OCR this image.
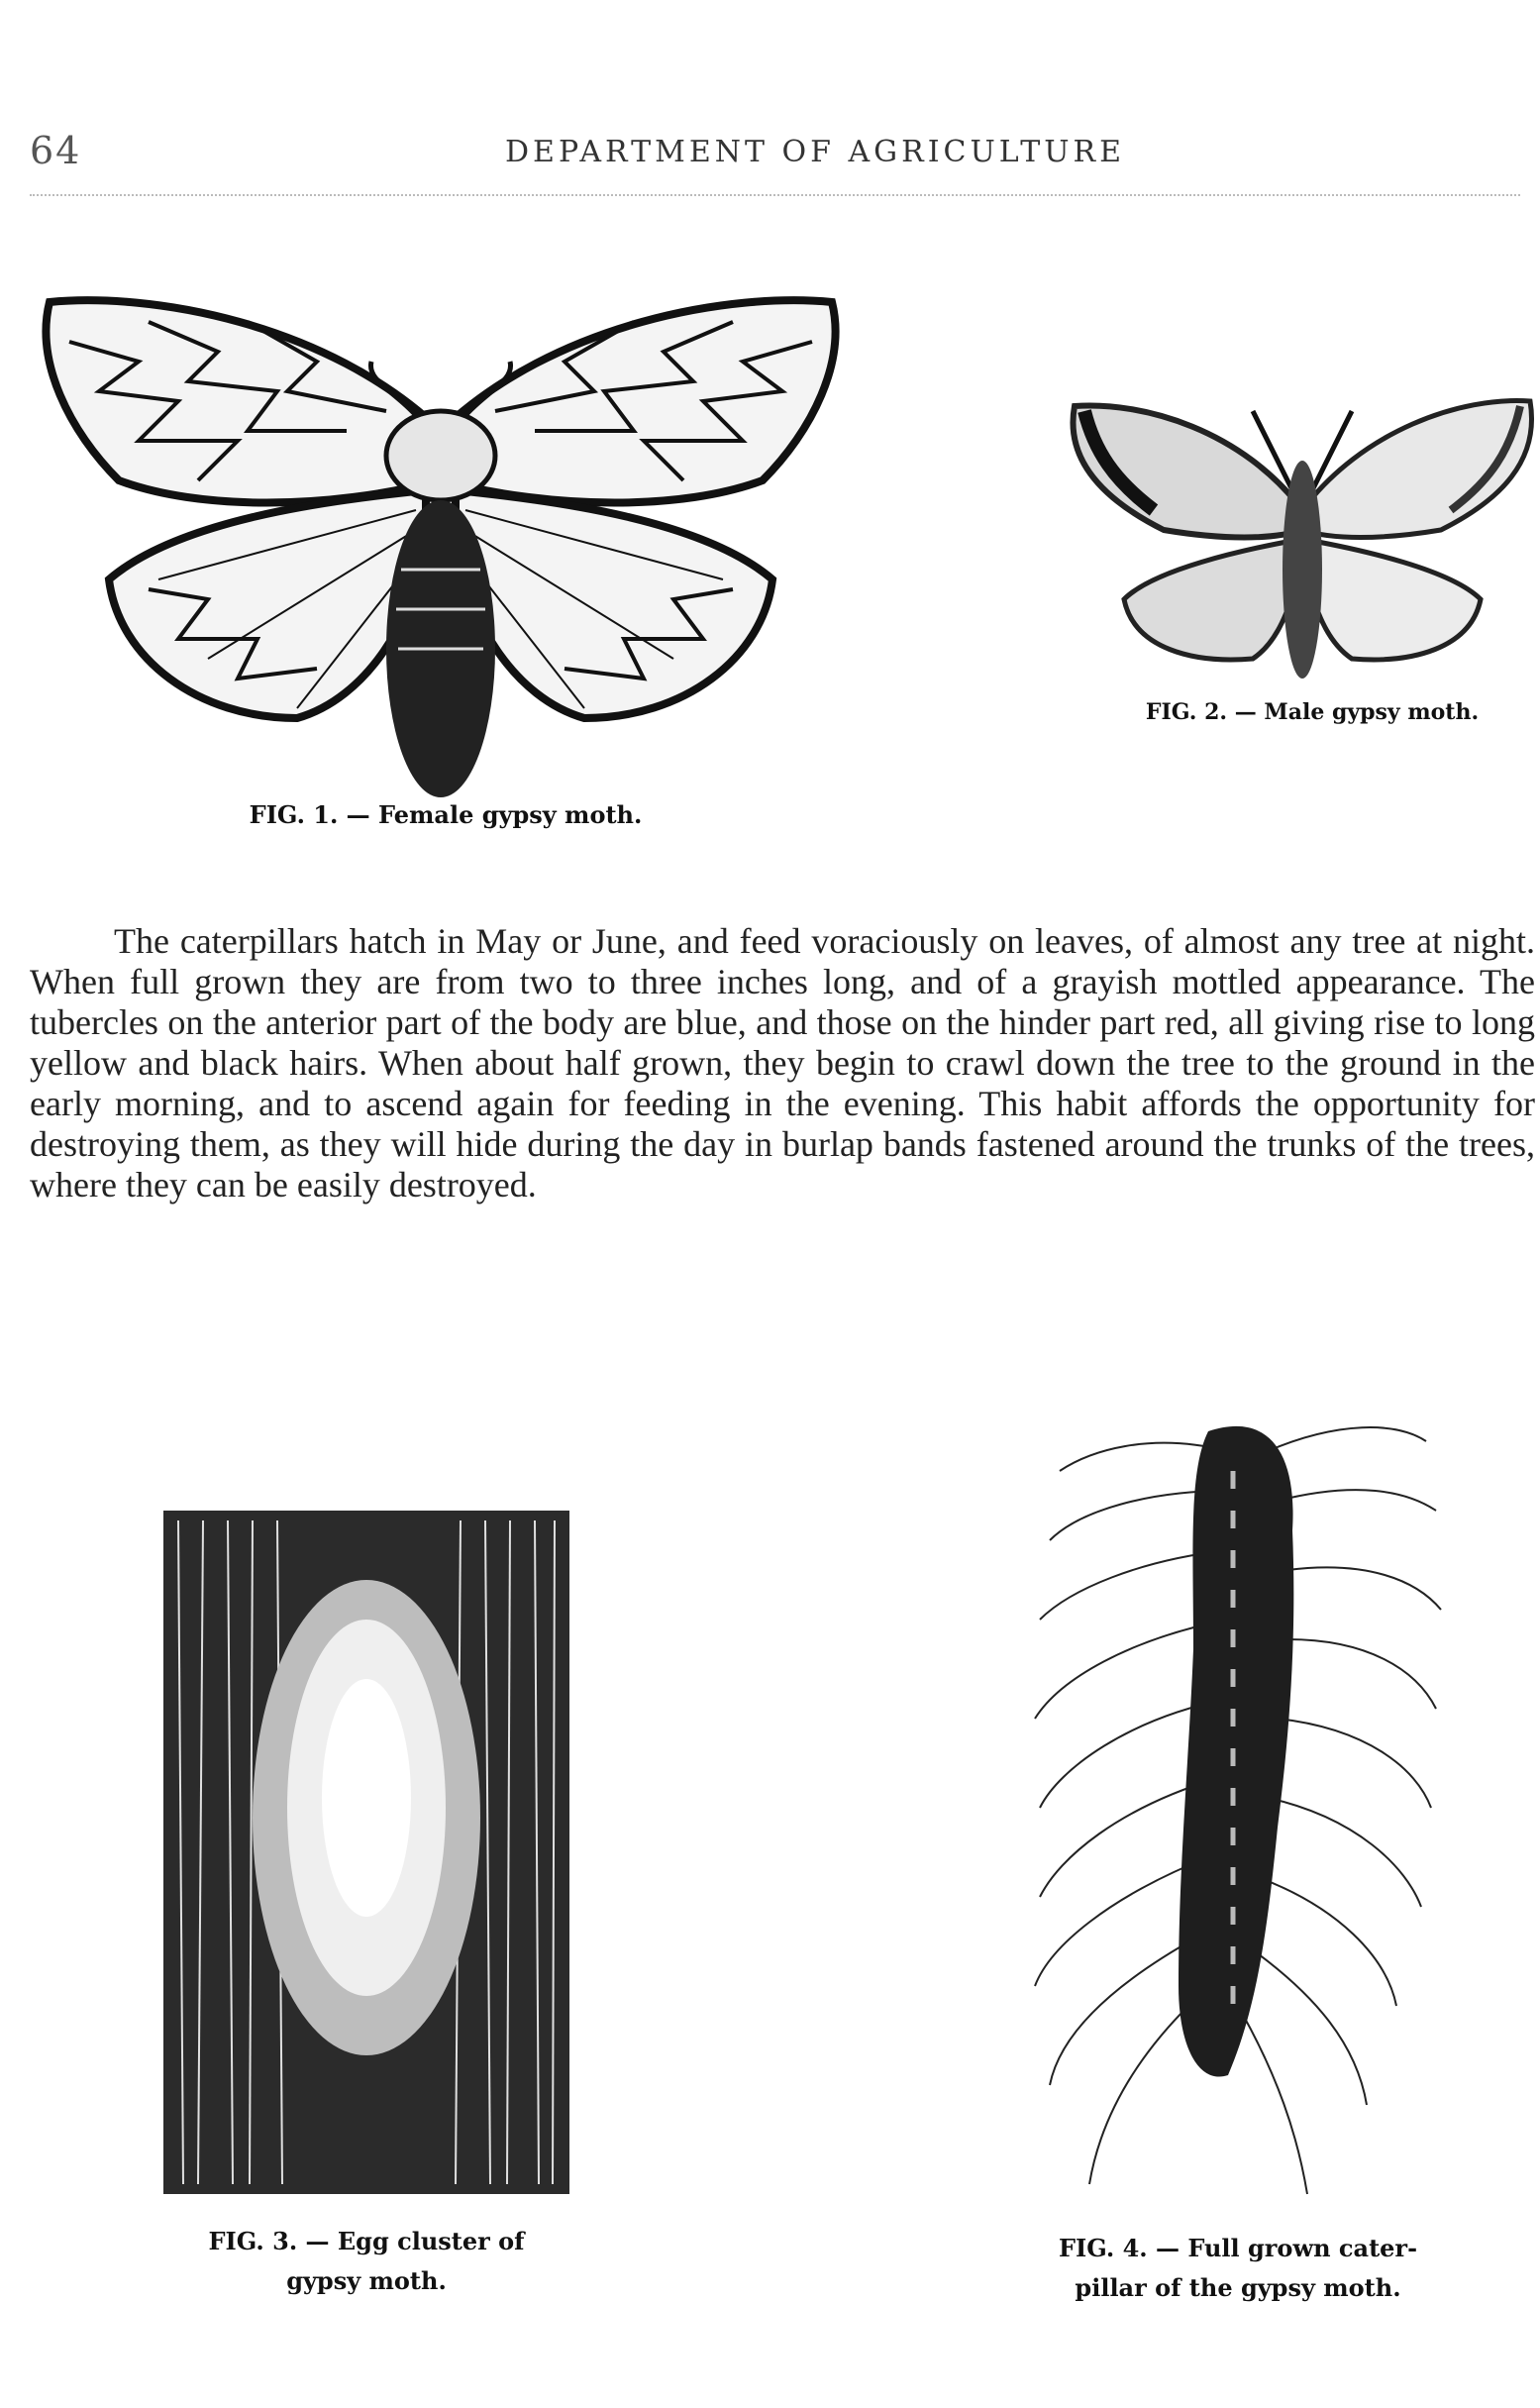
64	DEPARTMENT OF AGRICULTURE
FIG. 1. — Female gypsy moth.
FIG. 2. — Male gypsy moth.
The caterpillars hatch in May or June, and feed voraciously on leaves, of almost any tree at night. When full grown they are from two to three inches long, and of a grayish mottled appearance. The tubercles on the anterior part of the body are blue, and those on the hinder part red, all giving rise to long yellow and black hairs. When about half grown, they begin to crawl down the tree to the ground in the early morning, and to ascend again for feeding in the evening. This habit affords the opportunity for destroying them, as they will hide during the day in burlap bands fastened around the trunks of the trees, where they can be easily destroyed.
FIG. 3. — Egg cluster of
gypsy moth.
FIG. 4. — Full grown cater-
pillar of the gypsy moth.
